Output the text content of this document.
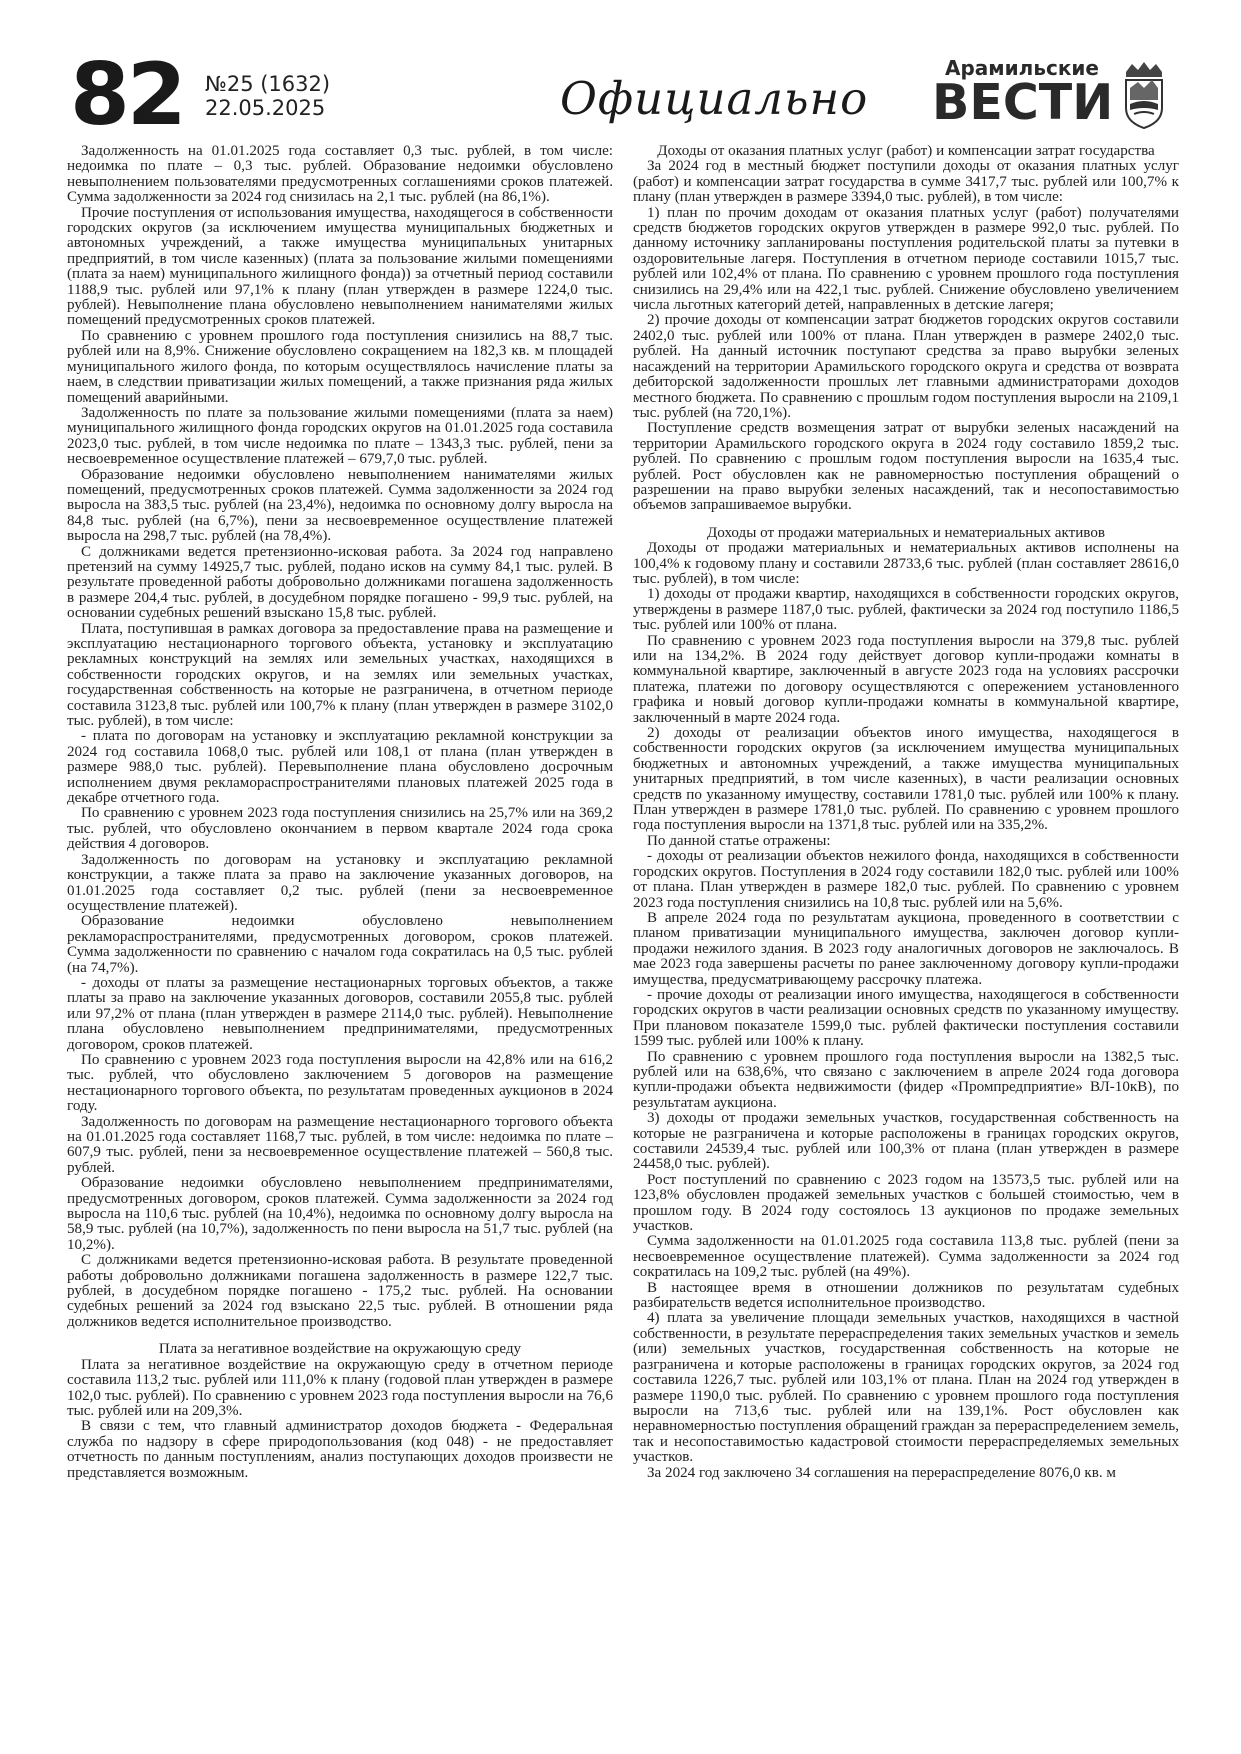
82 №25 (1632)
22.05.2025	Официально
Арамильские
ВЕСТИ

Задолженность на 01.01.2025 года составляет 0,3 тыс. рублей, в том числе: недоимка по плате – 0,3 тыс. рублей. Образование недоимки обусловлено невыполнением пользователями предусмотренных соглашениями сроков платежей. Сумма задолженности за 2024 год снизилась на 2,1 тыс. рублей (на 86,1%).

Прочие поступления от использования имущества, находящегося в собственности городских округов (за исключением имущества муниципальных бюджетных и автономных учреждений, а также имущества муниципальных унитарных предприятий, в том числе казенных) (плата за пользование жилыми помещениями (плата за наем) муниципального жилищного фонда)) за отчетный период составили 1188,9 тыс. рублей или 97,1% к плану (план утвержден в размере 1224,0 тыс. рублей). Невыполнение плана обусловлено невыполнением нанимателями жилых помещений предусмотренных сроков платежей.

По сравнению с уровнем прошлого года поступления снизились на 88,7 тыс. рублей или на 8,9%. Снижение обусловлено сокращением на 182,3 кв. м площадей муниципального жилого фонда, по которым осуществлялось начисление платы за наем, в следствии приватизации жилых помещений, а также признания ряда жилых помещений аварийными.

Задолженность по плате за пользование жилыми помещениями (плата за наем) муниципального жилищного фонда городских округов на 01.01.2025 года составила 2023,0 тыс. рублей, в том числе недоимка по плате – 1343,3 тыс. рублей, пени за несвоевременное осуществление платежей – 679,7,0 тыс. рублей.

Образование недоимки обусловлено невыполнением нанимателями жилых помещений, предусмотренных сроков платежей. Сумма задолженности за 2024 год выросла на 383,5 тыс. рублей (на 23,4%), недоимка по основному долгу выросла на 84,8 тыс. рублей (на 6,7%), пени за несвоевременное осуществление платежей выросла на 298,7 тыс. рублей (на 78,4%).

С должниками ведется претензионно-исковая работа. За 2024 год направлено претензий на сумму 14925,7 тыс. рублей, подано исков на сумму 84,1 тыс. рулей. В результате проведенной работы добровольно должниками погашена задолженность в размере 204,4 тыс. рублей, в досудебном порядке погашено - 99,9 тыс. рублей, на основании судебных решений взыскано 15,8 тыс. рублей.

Плата, поступившая в рамках договора за предоставление права на размещение и эксплуатацию нестационарного торгового объекта, установку и эксплуатацию рекламных конструкций на землях или земельных участках, находящихся в собственности городских округов, и на землях или земельных участках, государственная собственность на которые не разграничена, в отчетном периоде составила 3123,8 тыс. рублей или 100,7% к плану (план утвержден в размере 3102,0 тыс. рублей), в том числе:

- плата по договорам на установку и эксплуатацию рекламной конструкции за 2024 год составила 1068,0 тыс. рублей или 108,1 от плана (план утвержден в размере 988,0 тыс. рублей). Перевыполнение плана обусловлено досрочным исполнением двумя рекламораспространителями плановых платежей 2025 года в декабре отчетного года.

По сравнению с уровнем 2023 года поступления снизились на 25,7% или на 369,2 тыс. рублей, что обусловлено окончанием в первом квартале 2024 года срока действия 4 договоров.

Задолженность по договорам на установку и эксплуатацию рекламной конструкции, а также плата за право на заключение указанных договоров, на 01.01.2025 года составляет 0,2 тыс. рублей (пени за несвоевременное осуществление платежей).

Образование недоимки обусловлено невыполнением рекламораспространителями, предусмотренных договором, сроков платежей. Сумма задолженности по сравнению с началом года сократилась на 0,5 тыс. рублей (на 74,7%).

- доходы от платы за размещение нестационарных торговых объектов, а также платы за право на заключение указанных договоров, составили 2055,8 тыс. рублей или 97,2% от плана (план утвержден в размере 2114,0 тыс. рублей). Невыполнение плана обусловлено невыполнением предпринимателями, предусмотренных договором, сроков платежей.

По сравнению с уровнем 2023 года поступления выросли на 42,8% или на 616,2 тыс. рублей, что обусловлено заключением 5 договоров на размещение нестационарного торгового объекта, по результатам проведенных аукционов в 2024 году.

Задолженность по договорам на размещение нестационарного торгового объекта на 01.01.2025 года составляет 1168,7 тыс. рублей, в том числе: недоимка по плате – 607,9 тыс. рублей, пени за несвоевременное осуществление платежей – 560,8 тыс. рублей.

Образование недоимки обусловлено невыполнением предпринимателями, предусмотренных договором, сроков платежей. Сумма задолженности за 2024 год выросла на 110,6 тыс. рублей (на 10,4%), недоимка по основному долгу выросла на 58,9 тыс. рублей (на 10,7%), задолженность по пени выросла на 51,7 тыс. рублей (на 10,2%).

С должниками ведется претензионно-исковая работа. В результате проведенной работы добровольно должниками погашена задолженность в размере 122,7 тыс. рублей, в досудебном порядке погашено - 175,2 тыс. рублей. На основании судебных решений за 2024 год взыскано 22,5 тыс. рублей. В отношении ряда должников ведется исполнительное производство.

Плата за негативное воздействие на окружающую среду

Плата за негативное воздействие на окружающую среду в отчетном периоде составила 113,2 тыс. рублей или 111,0% к плану (годовой план утвержден в размере 102,0 тыс. рублей). По сравнению с уровнем 2023 года поступления выросли на 76,6 тыс. рублей или на 209,3%.

В связи с тем, что главный администратор доходов бюджета - Федеральная служба по надзору в сфере природопользования (код 048) - не предоставляет отчетность по данным поступлениям, анализ поступающих доходов произвести не представляется возможным.

Доходы от оказания платных услуг (работ) и компенсации затрат государства

За 2024 год в местный бюджет поступили доходы от оказания платных услуг (работ) и компенсации затрат государства в сумме 3417,7 тыс. рублей или 100,7% к плану (план утвержден в размере 3394,0 тыс. рублей), в том числе:

1) план по прочим доходам от оказания платных услуг (работ) получателями средств бюджетов городских округов утвержден в размере 992,0 тыс. рублей. По данному источнику запланированы поступления родительской платы за путевки в оздоровительные лагеря. Поступления в отчетном периоде составили 1015,7 тыс. рублей или 102,4% от плана. По сравнению с уровнем прошлого года поступления снизились на 29,4% или на 422,1 тыс. рублей. Снижение обусловлено увеличением числа льготных категорий детей, направленных в детские лагеря;

2) прочие доходы от компенсации затрат бюджетов городских округов составили 2402,0 тыс. рублей или 100% от плана. План утвержден в размере 2402,0 тыс. рублей. На данный источник поступают средства за право вырубки зеленых насаждений на территории Арамильского городского округа и средства от возврата дебиторской задолженности прошлых лет главными администраторами доходов местного бюджета. По сравнению с прошлым годом поступления выросли на 2109,1 тыс. рублей (на 720,1%).

Поступление средств возмещения затрат от вырубки зеленых насаждений на территории Арамильского городского округа в 2024 году составило 1859,2 тыс. рублей. По сравнению с прошлым годом поступления выросли на 1635,4 тыс. рублей. Рост обусловлен как не равномерностью поступления обращений о разрешении на право вырубки зеленых насаждений, так и несопоставимостью объемов запрашиваемое вырубки.

Доходы от продажи материальных и нематериальных активов

Доходы от продажи материальных и нематериальных активов исполнены на 100,4% к годовому плану и составили 28733,6 тыс. рублей (план составляет 28616,0 тыс. рублей), в том числе:

1) доходы от продажи квартир, находящихся в собственности городских округов, утверждены в размере 1187,0 тыс. рублей, фактически за 2024 год поступило 1186,5 тыс. рублей или 100% от плана.

По сравнению с уровнем 2023 года поступления выросли на 379,8 тыс. рублей или на 134,2%. В 2024 году действует договор купли-продажи комнаты в коммунальной квартире, заключенный в августе 2023 года на условиях рассрочки платежа, платежи по договору осуществляются с опережением установленного графика и новый договор купли-продажи комнаты в коммунальной квартире, заключенный в марте 2024 года.

2) доходы от реализации объектов иного имущества, находящегося в собственности городских округов (за исключением имущества муниципальных бюджетных и автономных учреждений, а также имущества муниципальных унитарных предприятий, в том числе казенных), в части реализации основных средств по указанному имуществу, составили 1781,0 тыс. рублей или 100% к плану. План утвержден в размере 1781,0 тыс. рублей. По сравнению с уровнем прошлого года поступления выросли на 1371,8 тыс. рублей или на 335,2%.

По данной статье отражены:

- доходы от реализации объектов нежилого фонда, находящихся в собственности городских округов. Поступления в 2024 году составили 182,0 тыс. рублей или 100% от плана. План утвержден в размере 182,0 тыс. рублей. По сравнению с уровнем 2023 года поступления снизились на 10,8 тыс. рублей или на 5,6%.

В апреле 2024 года по результатам аукциона, проведенного в соответствии с планом приватизации муниципального имущества, заключен договор купли-продажи нежилого здания. В 2023 году аналогичных договоров не заключалось. В мае 2023 года завершены расчеты по ранее заключенному договору купли-продажи имущества, предусматривающему рассрочку платежа.

- прочие доходы от реализации иного имущества, находящегося в собственности городских округов в части реализации основных средств по указанному имуществу. При плановом показателе 1599,0 тыс. рублей фактически поступления составили 1599 тыс. рублей или 100% к плану.

По сравнению с уровнем прошлого года поступления выросли на 1382,5 тыс. рублей или на 638,6%, что связано с заключением в апреле 2024 года договора купли-продажи объекта недвижимости (фидер «Промпредприятие» ВЛ-10кВ), по результатам аукциона.

3) доходы от продажи земельных участков, государственная собственность на которые не разграничена и которые расположены в границах городских округов, составили 24539,4 тыс. рублей или 100,3% от плана (план утвержден в размере 24458,0 тыс. рублей).

Рост поступлений по сравнению с 2023 годом на 13573,5 тыс. рублей или на 123,8% обусловлен продажей земельных участков с большей стоимостью, чем в прошлом году. В 2024 году состоялось 13 аукционов по продаже земельных участков.

Сумма задолженности на 01.01.2025 года составила 113,8 тыс. рублей (пени за несвоевременное осуществление платежей). Сумма задолженности за 2024 год сократилась на 109,2 тыс. рублей (на 49%).

В настоящее время в отношении должников по результатам судебных разбирательств ведется исполнительное производство.

4) плата за увеличение площади земельных участков, находящихся в частной собственности, в результате перераспределения таких земельных участков и земель (или) земельных участков, государственная собственность на которые не разграничена и которые расположены в границах городских округов, за 2024 год составила 1226,7 тыс. рублей или 103,1% от плана. План на 2024 год утвержден в размере 1190,0 тыс. рублей. По сравнению с уровнем прошлого года поступления выросли на 713,6 тыс. рублей или на 139,1%. Рост обусловлен как неравномерностью поступления обращений граждан за перераспределением земель, так и несопоставимостью кадастровой стоимости перераспределяемых земельных участков.

За 2024 год заключено 34 соглашения на перераспределение 8076,0 кв. м
